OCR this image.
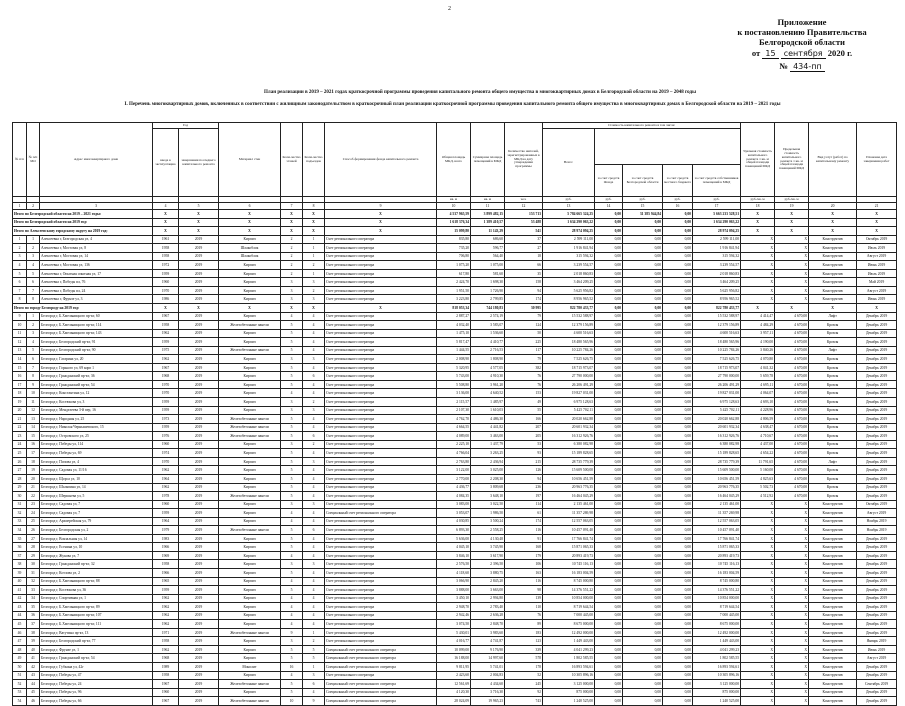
2
Приложение
к постановлению Правительства
Белгородской области
от 15 сентября 2020 г.
№ 434-пп
План реализации в 2019 – 2021 годах краткосрочной программы проведения капитального ремонта общего имущества в многоквартирных домах в Белгородской области на 2019 – 2048 годы
I. Перечень многоквартирных домов, включенных в соответствии с жилищным законодательством в краткосрочный план реализации краткосрочной программы проведения капитального ремонта общего имущества в многоквартирных домах в Белгородской области на 2019 – 2021 годы
№ п/п	№ п/п МО	Адрес многоквартирного дома	Год		Материал стен	Коли-чество этажей	Коли-чество подъездов	Способ формирования фонда капитального ремонта	Общая площадь МКД, всего	Суммарная площадь помещений в МКД	Количество жителей, зарегистрированных в МКД на дату утверждения программы	Стоимость капитального ремонта в том числе:					Удельная стоимость капитального ремонта 1 кв. м общей площади помещений МКД	Предельная стоимость капитального ремонта 1 кв. м общей площади помещений МКД	Вид услуг (работ) по капитальному ремонту	Плановая дата завершения работ
			ввода в эксплуатацию	завершения последнего капитального ремонта								Всего:								
													за счет средств Фонда	за счет средств Белгородской области	за счет средств местного бюджета	за счет средств собственников помещений в МКД				
									кв. м	кв. м	чел.	руб.	руб.	руб.	руб.	руб.	руб./кв. м	руб./кв. м		
1	2	3	4	5	6	7	8	9	10	11	12	13	14	15	16	17	18	19	20	21
Итого по Белгородской области на 2019 – 2021 годы:			X	X	X	X	X	X	4 537 965,59	3 899 482,15	153 713	5 784 665 324,25	0,00	31 385 944,84	0,00	5 663 233 528,51	X	X	X	X
Итого по Белгородской области на 2019 год:			X	X	X	X	X	X	1 618 376,34	1 389 410,57	53 488	1 634 290 063,22	0,00	0,00	0,00	1 634 290 063,22	X	X	X	X
Итого по Алексеевскому городскому округу на 2019 год:			X	X	X	X	X	X	15 099,80	11 143,29	541	28 974 094,25	0,00	0,00	0,00	28 974 094,25	X	X	X	X
1	1	Алексеевка г, Белгородская ул, 4	1961	2019	Кирпич	2	1	Счет регионального оператора	835,80	686,60	37	2 599 111,00	0,00	0,00	0,00	2 599 111,00	X	X	Конструктив	Октябрь 2019
2	2	Алексеевка г, Мостовая ул, 8	1958	2019	Шлакоблок	2	1	Счет регионального оператора	735,20	596,77	27	1 916 841,94	0,00	0,00	0,00	1 916 841,94	X	X	Конструктив	Июль 2019
3	3	Алексеевка г, Мостовая ул, 14	1958	2019	Шлакоблок	2	1	Счет регионального оператора	706,80	564,40	18	315 594,32	0,00	0,00	0,00	315 594,32	X	X	Конструктив	Август 2019
4	4	Алексеевка г, Мостовая ул, 136	1972	2019	Кирпич	2	2	Счет регионального оператора	1 075,20	1 075,00	66	3 239 554,57	0,00	0,00	0,00	3 239 554,57	X	X	Конструктив	Июнь 2019
5	5	Алексеевка г, Опытная опытная ул, 17	1959	2019	Кирпич	2	1	Счет регионального оператора	617,80	581,60	35	2 018 860,83	0,00	0,00	0,00	2 018 860,83	X	X	Конструктив	Июль 2019
6	6	Алексеевка г, Победы пл, 76	1960	2019	Кирпич	3	3	Счет регионального оператора	2 424,70	1 698,30	158	3 464 209,25	0,00	0,00	0,00	3 464 209,25	X	X	Конструктив	Май 2019
7	7	Алексеевка г, Победы пл, 24	1970	2019	Кирпич	3	2	Счет регионального оператора	1 951,50	1 726,90	94	5 625 956,82	0,00	0,00	0,00	5 625 956,82	X	X	Конструктив	Август 2019
8	8	Алексеевка г, Фрунзе ул, 3	1986	2019	Кирпич	3	3	Счет регионального оператора	3 223,80	2 799,85	174	8 956 965,52	0,00	0,00	0,00	8 956 965,52	X	X	Конструктив	Июнь 2019
Итого по городу Белгороду на 2019 год:			X	X	X	X	X	X	818 053,34	744 180,83	30 995	822 780 433,77	0,00	0,00	0,00	822 780 433,77	X	X	X	X
9	1	Белгород г, Б.Хмельницкого пр-кт, 60	1967	2019	Кирпич	4	4	Счет регионального оператора	2 887,27	2 574,19	79	15 532 588,97	0,00	0,00	0,00	15 532 588,97	4 414,47	4 670,00	Лифт	Декабрь 2019
10	2	Белгород г, Б.Хмельницкого пр-кт, 114	1958	2019	Железобетонные панели	5	4	Счет регионального оператора	4 032,40	3 583,07	124	12 379 156,89	0,00	0,00	0,00	12 379 156,89	4 484,29	4 670,00	Кровля	Декабрь 2019
11	3	Белгород г, Б.Хмельницкого пр-кт, 143	1962	2019	Кирпич	5	4	Счет регионального оператора	1 475,10	1 536,60	50	4 600 516,63	0,00	0,00	0,00	4 600 516,63	3 957,11	4 670,00	Кровля	Декабрь 2019
12	4	Белгород г, Белгородский пр-кт, 91	1959	2019	Кирпич	5	4	Счет регионального оператора	5 817,47	4 410,77	225	18 480 565,96	0,00	0,00	0,00	18 480 565,96	4 190,00	4 670,00	Кровля	Декабрь 2019
13	5	Белгород г, Белгородский пр-кт, 90	1975	2019	Железобетонные панели	5	4	Счет регионального оператора	1 444,55	2 716,53	117	10 225 784,26	0,00	0,00	0,00	10 225 784,26	3 840,26	4 670,00	Лифт	Декабрь 2019
14	6	Белгород г, Гагарина ул, 20	1962	2019	Кирпич	3	3	Счет регионального оператора	2 008,90	1 808,90	79	7 525 626,75	0,00	0,00	0,00	7 525 626,75	4 070,80	4 670,00	Кровля	Декабрь 2019
15	7	Белгород г, Горького ул, 69 корп 1	1967	2019	Кирпич	5	4	Счет регионального оператора	5 320,95	4 577,05	382	18 715 973,07	0,00	0,00	0,00	18 715 973,07	4 041,32	4 670,00	Кровля	Декабрь 2019
16	8	Белгород г, Гражданский пр-кт, 36	1968	2019	Кирпич	5	6	Счет регионального оператора	5 743,00	4 910,30	76	27 790 000,00	0,00	0,00	0,00	27 790 000,00	5 659,78	4 670,00	Кровля	Декабрь 2019
17	9	Белгород г, Гражданский пр-кт, 54	1970	2019	Кирпич	5	4	Счет регионального оператора	5 508,80	3 961,20	76	26 206 491,29	0,00	0,00	0,00	26 206 491,29	4 695,11	4 670,00	Кровля	Декабрь 2019
18	10	Белгород г, Константина ул, 12	1970	2019	Кирпич	4	4	Счет регионального оператора	3 136,00	4 640,52	153	19 827 031,00	0,00	0,00	0,00	19 827 031,00	4 064,07	4 670,00	Кровля	Декабрь 2019
19	11	Белгород г, Костюкова ул, 3	1959	2019	Кирпич	3	2	Счет регионального оператора	2 115,57	1 485,97	49	6 975 128,63	0,00	0,00	0,00	6 975 128,63	4 693,10	4 670,00	Кровля	Декабрь 2019
20	12	Белгород г, Менделеева 3-й пер, 16	1959	2019	Кирпич	3	3	Счет регионального оператора	2 107,30	1 610,03	55	5 425 702,11	0,00	0,00	0,00	5 425 702,11	4 228,96	4 670,00	Кровля	Декабрь 2019
21	13	Белгород г, Народная ул, 25	1973	2019	Железобетонные панели	5	4	Счет регионального оператора	4 762,70	4 486,30	166	20 020 662,88	0,00	0,00	0,00	20 020 662,88	4 806,59	4 670,00	Кровля	Декабрь 2019
22	14	Белгород г, Николая Чернышевского, 15	1959	2019	Железобетонные панели	5	4	Счет регионального оператора	4 664,55	4 441,82	207	20 601 932,34	0,00	0,00	0,00	20 601 932,34	4 638,47	4 670,00	Кровля	Декабрь 2019
23	15	Белгород г, Островского ул, 25	1976	2019	Железобетонные панели	5	6	Счет регионального оператора	4 089,00	3 463,00	205	16 312 926,76	0,00	0,00	0,00	16 312 926,76	4 710,67	4 670,00	Кровля	Декабрь 2019
24	16	Белгород г, Победы ул, 114	1960	2019	Кирпич	3	2	Счет регионального оператора	2 225,10	1 437,79	53	6 380 082,98	0,00	0,00	0,00	6 380 082,98	4 437,00	4 670,00	Кровля	Декабрь 2019
25	17	Белгород г, Победы ул, 69	1974	2019	Кирпич	5	4	Счет регионального оператора	4 766,04	3 263,25	93	15 189 828,65	0,00	0,00	0,00	15 189 828,65	4 654,22	4 670,00	Кровля	Декабрь 2019
26	18	Белгород г, Попова ул, 4	1970	2019	Кирпич	5	3	Счет регионального оператора	2 763,80	2 436,94	215	28 735 779,39	0,00	0,00	0,00	28 735 779,39	11 791,65	4 670,00	Лифт	Декабрь 2019
27	19	Белгород г, Садовая ул, 11/16	1962	2019	Кирпич	5	4	Счет регионального оператора	3 122,00	3 025,00	126	15 609 500,00	0,00	0,00	0,00	15 609 500,00	5 160,00	4 670,00	Кровля	Декабрь 2019
28	20	Белгород г, Щорса ул, 10	1964	2019	Кирпич	5	4	Счет регионального оператора	2 770,00	2 208,30	94	10 656 451,59	0,00	0,00	0,00	10 656 451,59	4 825,63	4 670,00	Кровля	Декабрь 2019
29	21	Белгород г, Шаляпина ул, 14	1962	2019	Кирпич	5	4	Счет регионального оператора	4 436,77	3 809,68	236	20 963 776,35	0,00	0,00	0,00	20 963 776,35	5 502,73	4 670,00	Кровля	Декабрь 2019
30	22	Белгород г, Шершнева ул, 5	1978	2019	Железобетонные панели	5	4	Счет регионального оператора	4 084,35	3 648,10	197	16 464 045,29	0,00	0,00	0,00	16 464 045,29	4 512,92	4 670,00	Кровля	Декабрь 2019
31	23	Белгород г, Садовая ул, 7	1960	2019	Кирпич	3	3	Счет регионального оператора	3 083,00	3 022,50	114	2 135 461,00	0,00	0,00	0,00	2 135 461,00	X	X	Конструктив	Октябрь 2019
32	24	Белгород г, Садовая ул, 7	1959	2019	Кирпич	4	4	Специальный счет регионального оператора	3 053,07	1 986,50	61	11 357 269,98	0,00	0,00	0,00	11 357 269,98	X	X	Конструктив	Август 2019
33	25	Белгород г, Архиерейская ул, 79	1964	2019	Кирпич	4	4	Счет регионального оператора	4 030,85	3 500,24	174	12 557 063,05	0,00	0,00	0,00	12 557 063,05	X	X	Конструктив	Ноябрь 2019
34	26	Белгород г, Белгородская ул, 2	1979	2019	Железобетонные панели	5	6	Счет регионального оператора	6 893,30	2 558,25	116	10 457 091,40	0,00	0,00	0,00	10 457 091,40	X	X	Конструктив	Ноябрь 2019
35	27	Белгород г, Вокзальная ул, 14	1983	2019	Кирпич	5	4	Счет регионального оператора	5 636,00	4 130,48	91	17 766 841,74	0,00	0,00	0,00	17 766 841,74	X	X	Конструктив	Декабрь 2019
36	28	Белгород г, Есенина ул, 10	1966	2019	Кирпич	5	4	Счет регионального оператора	4 045,10	3 745,90	168	15 871 065,33	0,00	0,00	0,00	15 871 065,33	X	X	Конструктив	Декабрь 2019
37	29	Белгород г, Жукова ул, 7	1969	2019	Кирпич	4	4	Счет регионального оператора	3 846,10	3 617,90	179	20 893 419,73	0,00	0,00	0,00	20 893 419,73	X	X	Конструктив	Декабрь 2019
38	30	Белгород г, Гражданский пр-кт, 32	1958	2019	Кирпич	3	3	Счет регионального оператора	2 576,50	2 396,50	106	10 745 116,13	0,00	0,00	0,00	10 745 116,13	X	X	Конструктив	Декабрь 2019
39	31	Белгород г, Котлова ул, 2	1966	2019	Кирпич	5	4	Счет регионального оператора	4 118,60	3 880,75	163	16 183 004,59	0,00	0,00	0,00	16 183 004,59	X	X	Конструктив	Декабрь 2019
40	32	Белгород г, Б.Хмельницкого пр-кт, 88	1965	2019	Кирпич	4	4	Счет регионального оператора	3 066,90	2 845,20	116	8 745 000,80	0,00	0,00	0,00	8 745 000,80	X	X	Конструктив	Декабрь 2019
41	33	Белгород г, Костюкова ул, 36	1959	2019	Кирпич	5	4	Счет регионального оператора	3 888,00	3 663,00	98	14 376 551,22	0,00	0,00	0,00	14 376 551,22	X	X	Конструктив	Декабрь 2019
42	34	Белгород г, Спортивная ул, 1	1962	2019	Кирпич	4	4	Счет регионального оператора	3 450,10	2 994,80	139	10 854 000,00	0,00	0,00	0,00	10 854 000,00	X	X	Конструктив	Декабрь 2019
43	35	Белгород г, Б.Хмельницкого пр-кт, 89	1962	2019	Кирпич	4	4	Счет регионального оператора	2 948,70	2 783,40	110	8 719 644,54	0,00	0,00	0,00	8 719 644,54	X	X	Конструктив	Декабрь 2019
44	36	Белгород г, Б.Хмельницкого пр-кт, 107	1962	2019	Кирпич	4	4	Счет регионального оператора	2 942,46	2 636,28	76	7 000 445,00	0,00	0,00	0,00	7 000 445,00	X	X	Конструктив	Декабрь 2019
45	37	Белгород г, Б.Хмельницкого пр-кт, 111	1962	2019	Кирпич	4	4	Счет регионального оператора	3 074,50	2 848,70	89	8 675 000,00	0,00	0,00	0,00	8 675 000,00	X	X	Конструктив	Декабрь 2019
46	38	Белгород г, Ватутина пр-кт, 13	1971	2019	Железобетонные панели	9	1	Счет регионального оператора	5 430,01	3 983,60	183	12 492 000,00	0,00	0,00	0,00	12 492 000,00	X	X	Конструктив	Декабрь 2019
47	39	Белгород г, Белгородский пр-кт, 77	1958	2019	Кирпич	3	2	Счет регионального оператора	4 016,77	4 741,87	123	1 449 443,00	0,00	0,00	0,00	1 449 443,00	X	X	Конструктив	Январь 2019
48	40	Белгород г, Фрунзе ул, 1	1962	2019	Кирпич	5	5	Специальный счет регионального оператора	10 099,00	9 176,90	339	4 041 299,23	0,00	0,00	0,00	4 041 299,23	X	X	Конструктив	Июнь 2019
49	41	Белгород г, Гражданский пр-кт, 54	1968	2019	Кирпич	5	5	Специальный счет регионального оператора	16 188,00	14 997,60	578	1 802 585,55	0,00	0,00	0,00	1 802 585,55	X	X	Конструктив	Август 2019
50	42	Белгород г, Губкина ул, 42г	1989	2019	Монолит	16	1	Специальный счет регионального оператора	9 811,95	5 741,01	178	16 893 594,61	0,00	0,00	0,00	16 893 594,61	X	X	Конструктив	Декабрь 2019
51	43	Белгород г, Победы ул, 47	1958	2019	Кирпич	4	3	Счет регионального оператора	2 423,60	2 004,83	52	10 305 896,16	0,00	0,00	0,00	10 305 896,16	X	X	Конструктив	Декабрь 2019
52	44	Белгород г, Победы ул, 24	1967	2019	Железобетонные панели	5	6	Специальный счет регионального оператора	12 561,69	4 434,60	245	3 125 000,00	0,00	0,00	0,00	3 125 000,00	X	X	Конструктив	Сентябрь 2019
53	45	Белгород г, Победы ул, 96	1960	2019	Кирпич	5	4	Специальный счет регионального оператора	4 120,30	3 716,30	92	875 000,00	0,00	0,00	0,00	875 000,00	X	X	Конструктив	Декабрь 2019
54	46	Белгород г, Победы ул, 66	1967	2019	Железобетонные панели	10	9	Специальный счет регионального оператора	28 024,09	19 965,23	743	1 240 525,00	0,00	0,00	0,00	1 240 525,00	X	X	Конструктив	Декабрь 2019
